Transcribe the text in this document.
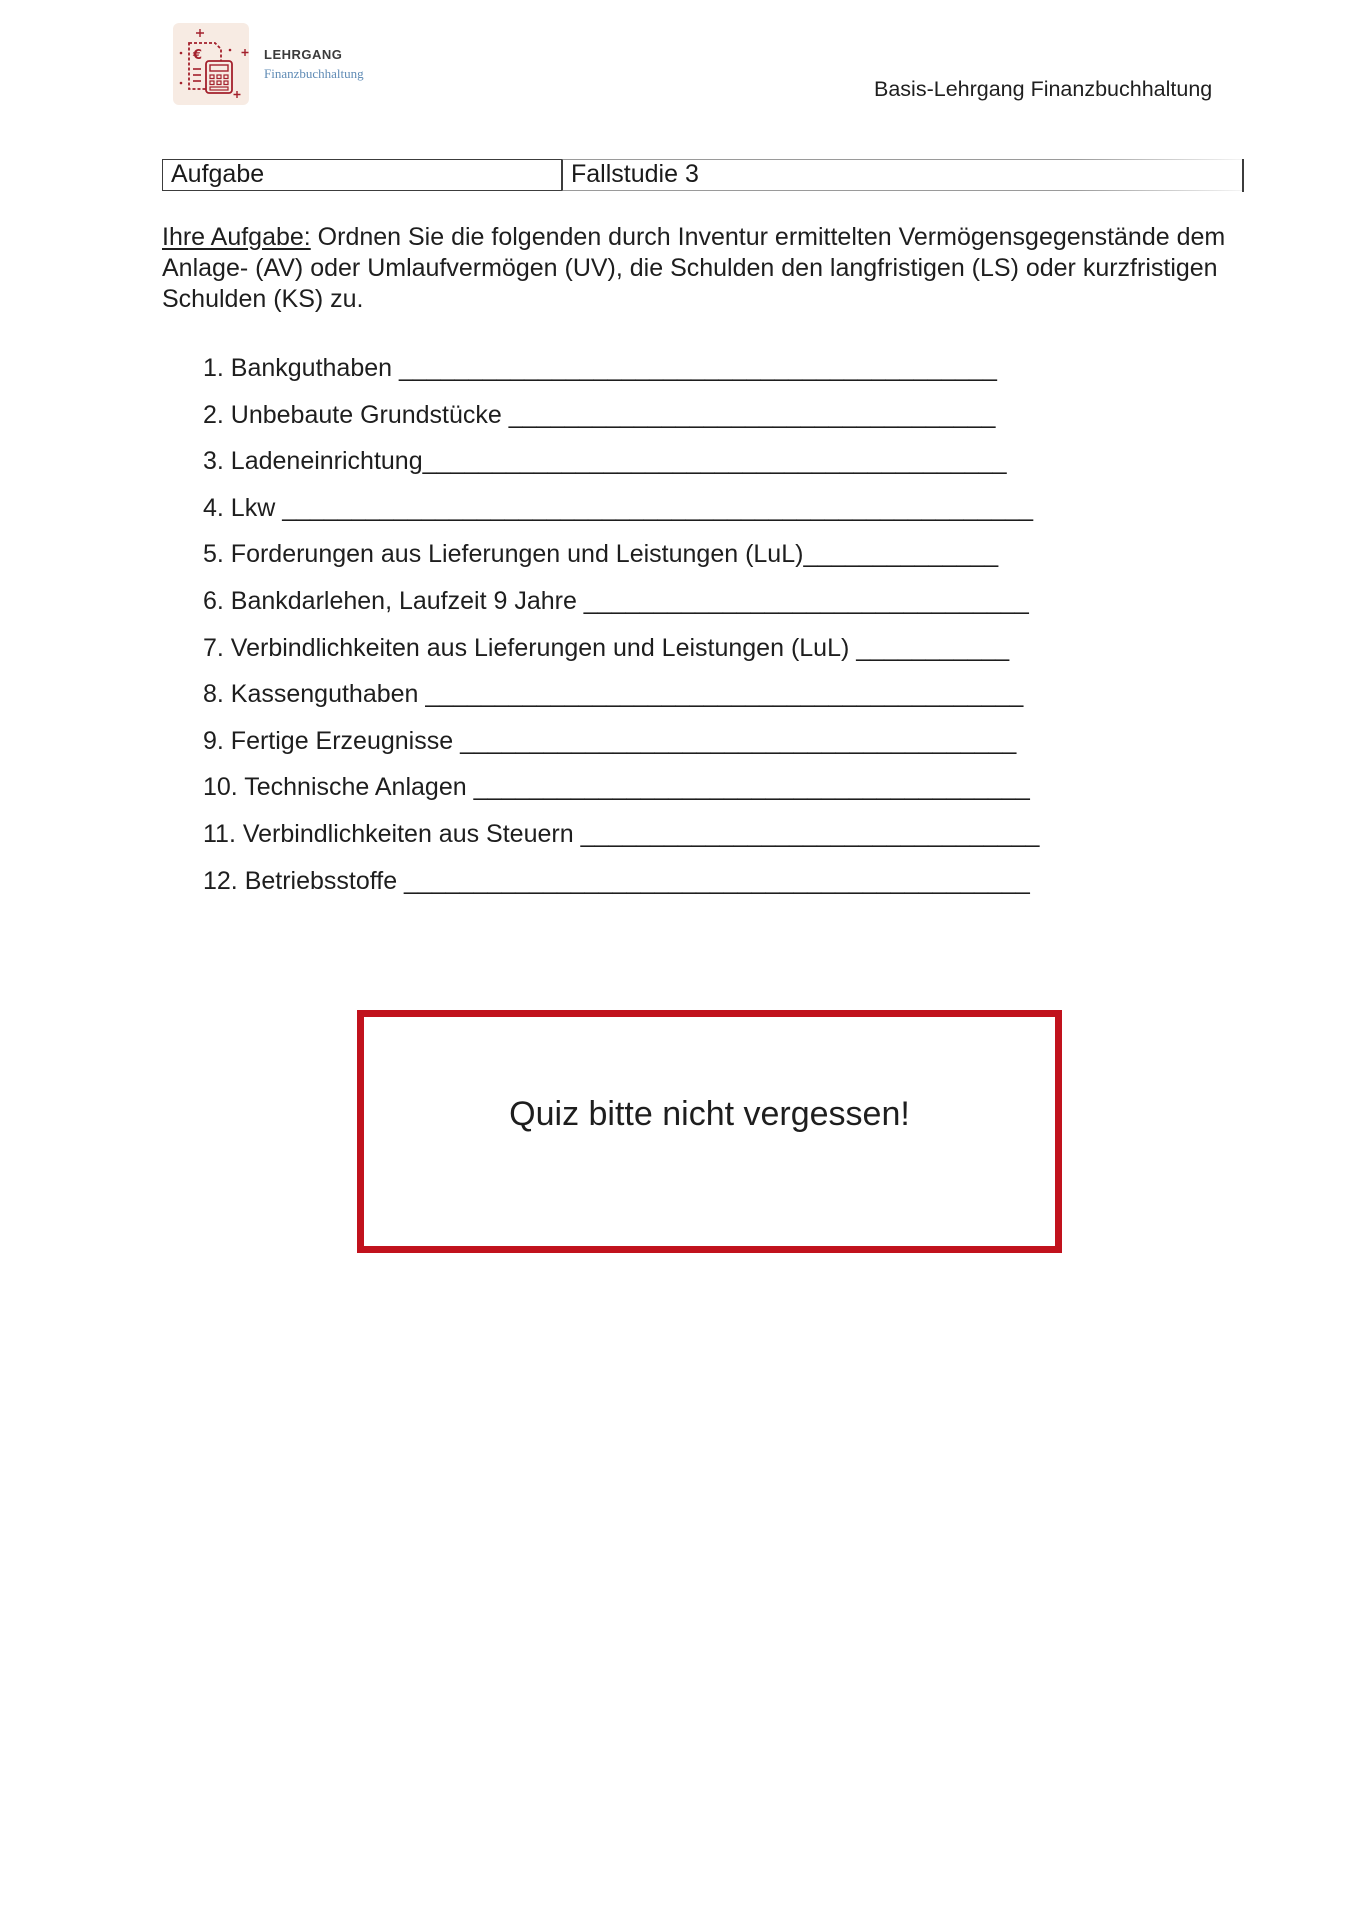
€	LEHRGANG
Finanzbuchhaltung
Basis-Lehrgang Finanzbuchhaltung
Aufgabe	Fallstudie 3

Ihre Aufgabe: Ordnen Sie die folgenden durch Inventur ermittelten Vermögensgegenstände dem Anlage- (AV) oder Umlaufvermögen (UV), die Schulden den langfristigen (LS) oder kurzfristigen Schulden (KS) zu.

1. Bankguthaben ___________________________________________
2. Unbebaute Grundstücke ___________________________________
3. Ladeneinrichtung__________________________________________
4. Lkw ______________________________________________________
5. Forderungen aus Lieferungen und Leistungen (LuL)______________
6. Bankdarlehen, Laufzeit 9 Jahre ________________________________
7. Verbindlichkeiten aus Lieferungen und Leistungen (LuL) ___________
8. Kassenguthaben ___________________________________________
9. Fertige Erzeugnisse ________________________________________
10. Technische Anlagen ________________________________________
11. Verbindlichkeiten aus Steuern _________________________________
12. Betriebsstoffe _____________________________________________
Quiz bitte nicht vergessen!
